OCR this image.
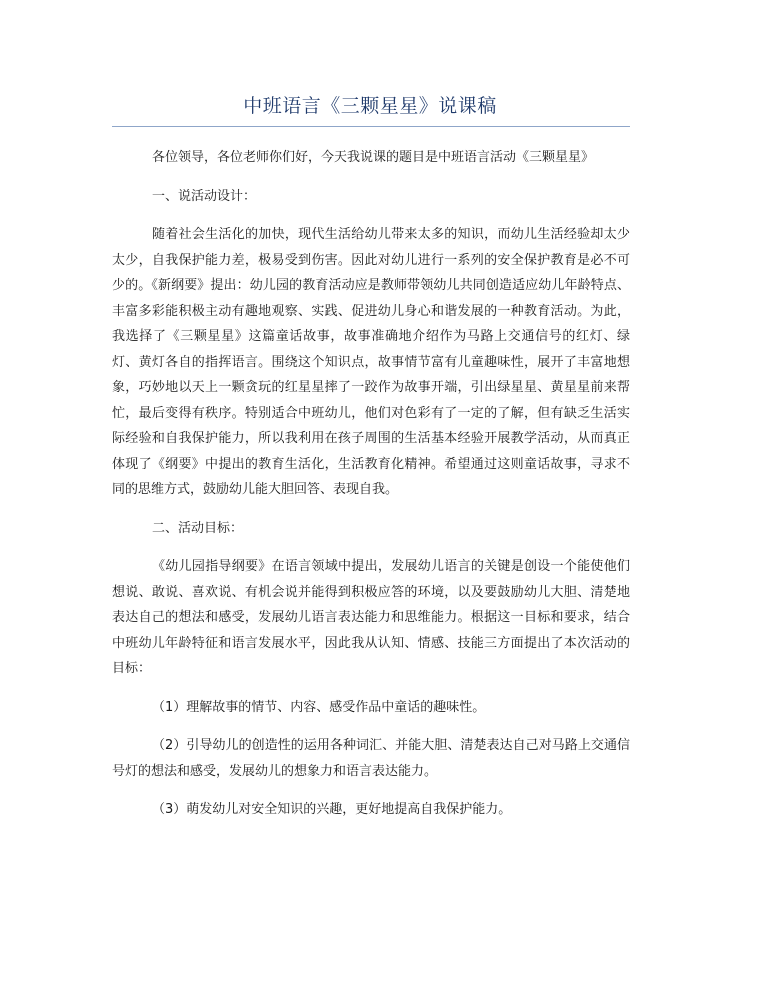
中班语言《三颗星星》说课稿

各位领导，各位老师你们好，今天我说课的题目是中班语言活动《三颗星星》

一、说活动设计：

随着社会生活化的加快，现代生活给幼儿带来太多的知识，而幼儿生活经验却太少太少，自我保护能力差，极易受到伤害。因此对幼儿进行一系列的安全保护教育是必不可少的。《新纲要》提出：幼儿园的教育活动应是教师带领幼儿共同创造适应幼儿年龄特点、丰富多彩能积极主动有趣地观察、实践、促进幼儿身心和谐发展的一种教育活动。为此，我选择了《三颗星星》这篇童话故事，故事准确地介绍作为马路上交通信号的红灯、绿灯、黄灯各自的指挥语言。围绕这个知识点，故事情节富有儿童趣味性，展开了丰富地想象，巧妙地以天上一颗贪玩的红星星摔了一跤作为故事开端，引出绿星星、黄星星前来帮忙，最后变得有秩序。特别适合中班幼儿，他们对色彩有了一定的了解，但有缺乏生活实际经验和自我保护能力，所以我利用在孩子周围的生活基本经验开展教学活动，从而真正体现了《纲要》中提出的教育生活化，生活教育化精神。希望通过这则童话故事，寻求不同的思维方式，鼓励幼儿能大胆回答、表现自我。

二、活动目标：

《幼儿园指导纲要》在语言领域中提出，发展幼儿语言的关键是创设一个能使他们想说、敢说、喜欢说、有机会说并能得到积极应答的环境，以及要鼓励幼儿大胆、清楚地表达自己的想法和感受，发展幼儿语言表达能力和思维能力。根据这一目标和要求，结合中班幼儿年龄特征和语言发展水平，因此我从认知、情感、技能三方面提出了本次活动的目标：

（1）理解故事的情节、内容、感受作品中童话的趣味性。

（2）引导幼儿的创造性的运用各种词汇、并能大胆、清楚表达自己对马路上交通信号灯的想法和感受，发展幼儿的想象力和语言表达能力。

（3）萌发幼儿对安全知识的兴趣，更好地提高自我保护能力。
